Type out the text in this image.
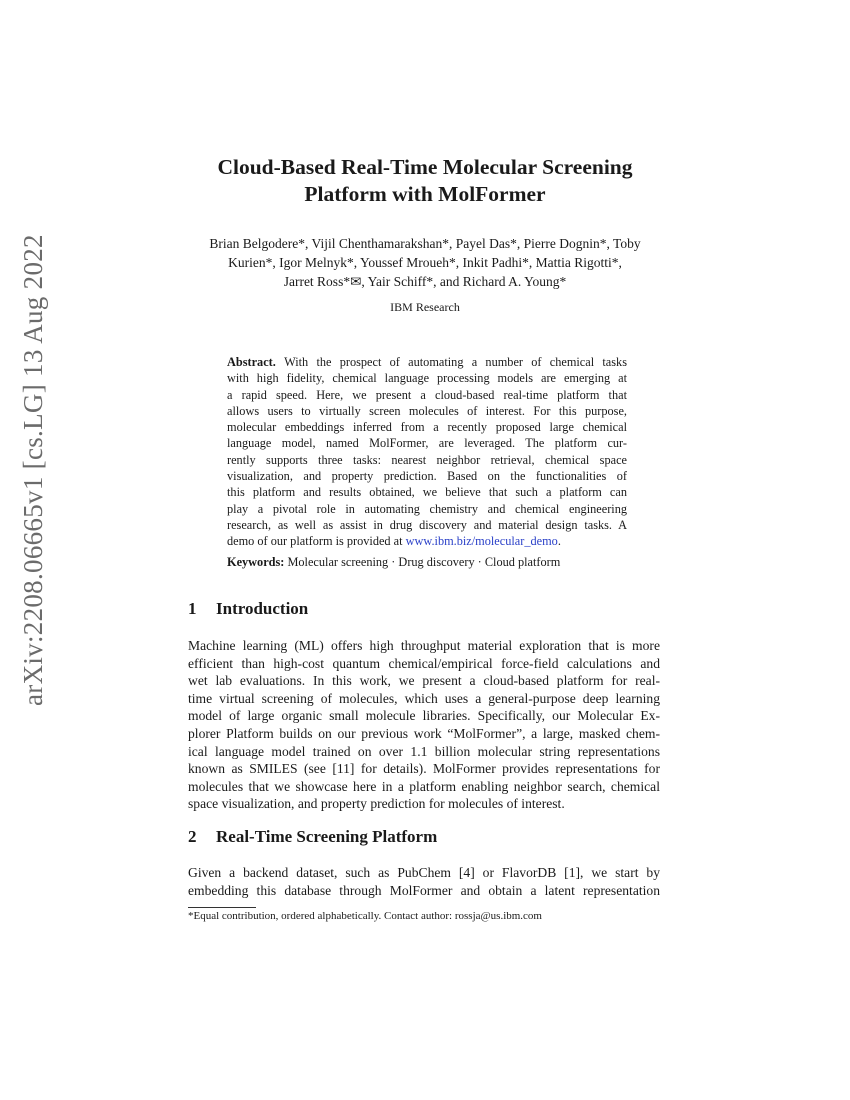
arXiv:2208.06665v1 [cs.LG] 13 Aug 2022
Cloud-Based Real-Time Molecular Screening
Platform with MolFormer
Brian Belgodere*, Vijil Chenthamarakshan*, Payel Das*, Pierre Dognin*, Toby
Kurien*, Igor Melnyk*, Youssef Mroueh*, Inkit Padhi*, Mattia Rigotti*,
Jarret Ross*✉, Yair Schiff*, and Richard A. Young*
IBM Research
Abstract. With the prospect of automating a number of chemical tasks
with high fidelity, chemical language processing models are emerging at
a rapid speed. Here, we present a cloud-based real-time platform that
allows users to virtually screen molecules of interest. For this purpose,
molecular embeddings inferred from a recently proposed large chemical
language model, named MolFormer, are leveraged. The platform cur-
rently supports three tasks: nearest neighbor retrieval, chemical space
visualization, and property prediction. Based on the functionalities of
this platform and results obtained, we believe that such a platform can
play a pivotal role in automating chemistry and chemical engineering
research, as well as assist in drug discovery and material design tasks. A
demo of our platform is provided at www.ibm.biz/molecular_demo.
Keywords: Molecular screening · Drug discovery · Cloud platform
1 Introduction
Machine learning (ML) offers high throughput material exploration that is more
efficient than high-cost quantum chemical/empirical force-field calculations and
wet lab evaluations. In this work, we present a cloud-based platform for real-
time virtual screening of molecules, which uses a general-purpose deep learning
model of large organic small molecule libraries. Specifically, our Molecular Ex-
plorer Platform builds on our previous work “MolFormer”, a large, masked chem-
ical language model trained on over 1.1 billion molecular string representations
known as SMILES (see [11] for details). MolFormer provides representations for
molecules that we showcase here in a platform enabling neighbor search, chemical
space visualization, and property prediction for molecules of interest.
2 Real-Time Screening Platform
Given a backend dataset, such as PubChem [4] or FlavorDB [1], we start by
embedding this database through MolFormer and obtain a latent representation
*Equal contribution, ordered alphabetically. Contact author: rossja@us.ibm.com
